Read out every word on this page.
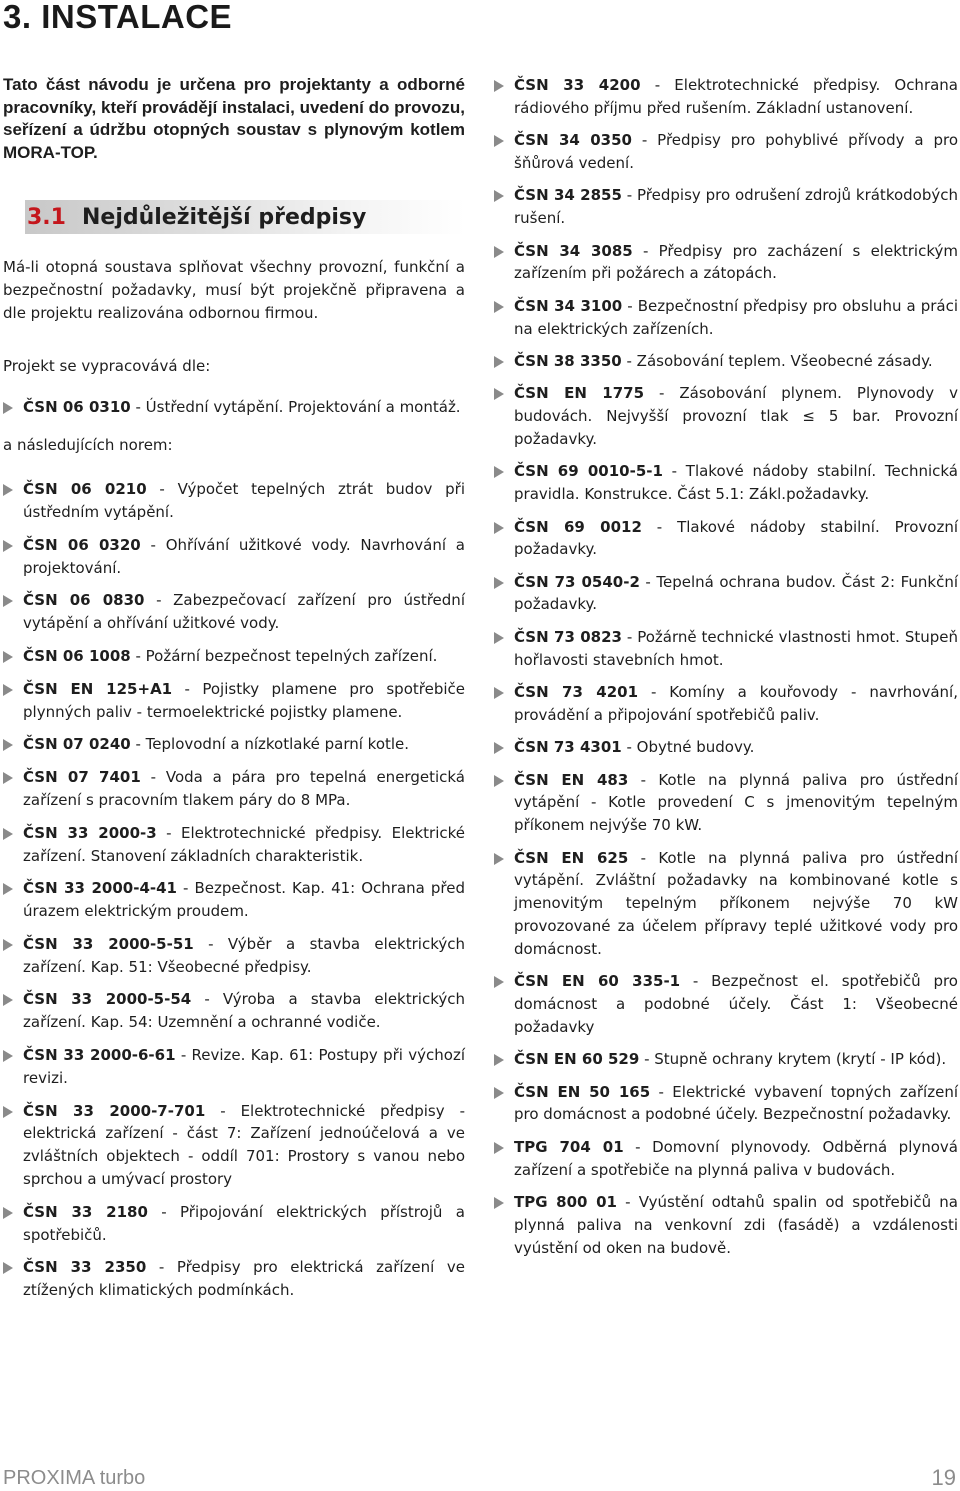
3. INSTALACE

Tato část návodu je určena pro projektanty a odborné pracovníky, kteří provádějí instalaci, uvedení do provozu, seřízení a údržbu otopných soustav s plynovým kotlem MORA-TOP.

3.1 Nejdůležitější předpisy

Má-li otopná soustava splňovat všechny provozní, funkční a bezpečnostní požadavky, musí být projekčně připravena a dle projektu realizována odbornou firmou.

Projekt se vypracovává dle:

ČSN 06 0310 - Ústřední vytápění. Projektování a montáž.

a následujících norem:

ČSN 06 0210 - Výpočet tepelných ztrát budov při ústředním vytápění.
ČSN 06 0320 - Ohřívání užitkové vody. Navrhování a projektování.
ČSN 06 0830 - Zabezpečovací zařízení pro ústřední vytápění a ohřívání užitkové vody.
ČSN 06 1008 - Požární bezpečnost tepelných zařízení.
ČSN EN 125+A1 - Pojistky plamene pro spotřebiče plynných paliv - termoelektrické pojistky plamene.
ČSN 07 0240 - Teplovodní a nízkotlaké parní kotle.
ČSN 07 7401 - Voda a pára pro tepelná energetická zařízení s pracovním tlakem páry do 8 MPa.
ČSN 33 2000-3 - Elektrotechnické předpisy. Elektrické zařízení. Stanovení základních charakteristik.
ČSN 33 2000-4-41 - Bezpečnost. Kap. 41: Ochrana před úrazem elektrickým proudem.
ČSN 33 2000-5-51 - Výběr a stavba elektrických zařízení. Kap. 51: Všeobecné předpisy.
ČSN 33 2000-5-54 - Výroba a stavba elektrických zařízení. Kap. 54: Uzemnění a ochranné vodiče.
ČSN 33 2000-6-61 - Revize. Kap. 61: Postupy při výchozí revizi.
ČSN 33 2000-7-701 - Elektrotechnické předpisy - elektrická zařízení - část 7: Zařízení jednoúčelová a ve zvláštních objektech - oddíl 701: Prostory s vanou nebo sprchou a umývací prostory
ČSN 33 2180 - Připojování elektrických přístrojů a spotřebičů.
ČSN 33 2350 - Předpisy pro elektrická zařízení ve ztížených klimatických podmínkách.
ČSN 33 4200 - Elektrotechnické předpisy. Ochrana rádiového příjmu před rušením. Základní ustanovení.
ČSN 34 0350 - Předpisy pro pohyblivé přívody a pro šňůrová vedení.
ČSN 34 2855 - Předpisy pro odrušení zdrojů krátkodobých rušení.
ČSN 34 3085 - Předpisy pro zacházení s elektrickým zařízením při požárech a zátopách.
ČSN 34 3100 - Bezpečnostní předpisy pro obsluhu a práci na elektrických zařízeních.
ČSN 38 3350 - Zásobování teplem. Všeobecné zásady.
ČSN EN 1775 - Zásobování plynem. Plynovody v budovách. Nejvyšší provozní tlak ≤ 5 bar. Provozní požadavky.
ČSN 69 0010-5-1 - Tlakové nádoby stabilní. Technická pravidla. Konstrukce. Část 5.1: Zákl.požadavky.
ČSN 69 0012 - Tlakové nádoby stabilní. Provozní požadavky.
ČSN 73 0540-2 - Tepelná ochrana budov. Část 2: Funkční požadavky.
ČSN 73 0823 - Požárně technické vlastnosti hmot. Stupeň hořlavosti stavebních hmot.
ČSN 73 4201 - Komíny a kouřovody - navrhování, provádění a připojování spotřebičů paliv.
ČSN 73 4301 - Obytné budovy.
ČSN EN 483 - Kotle na plynná paliva pro ústřední vytápění - Kotle provedení C s jmenovitým tepelným příkonem nejvýše 70 kW.
ČSN EN 625 - Kotle na plynná paliva pro ústřední vytápění. Zvláštní požadavky na kombinované kotle s jmenovitým tepelným příkonem nejvýše 70 kW provozované za účelem přípravy teplé užitkové vody pro domácnost.
ČSN EN 60 335-1 - Bezpečnost el. spotřebičů pro domácnost a podobné účely. Část 1: Všeobecné požadavky
ČSN EN 60 529 - Stupně ochrany krytem (krytí - IP kód).
ČSN EN 50 165 - Elektrické vybavení topných zařízení pro domácnost a podobné účely. Bezpečnostní požadavky.
TPG 704 01 - Domovní plynovody. Odběrná plynová zařízení a spotřebiče na plynná paliva v budovách.
TPG 800 01 - Vyústění odtahů spalin od spotřebičů na plynná paliva na venkovní zdi (fasádě) a vzdálenosti vyústění od oken na budově.
PROXIMA turbo	19
